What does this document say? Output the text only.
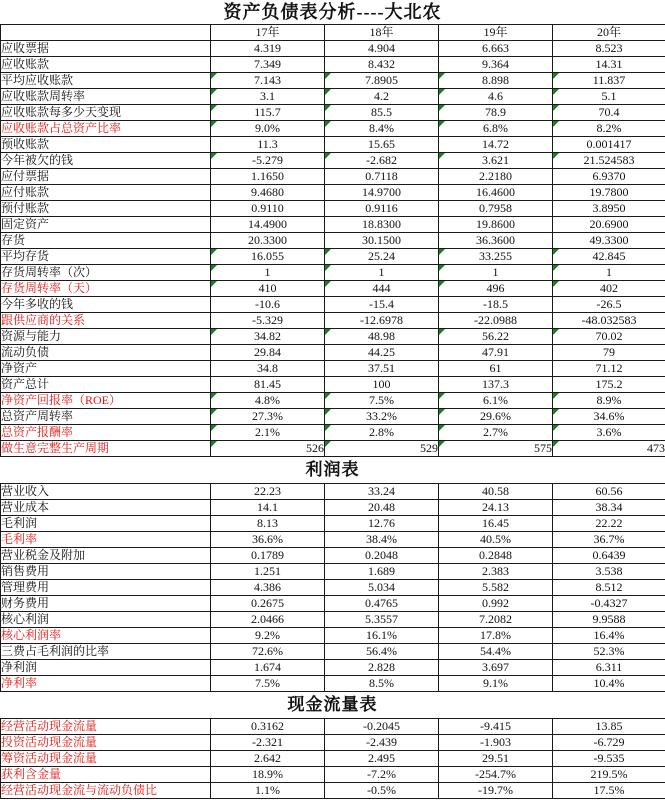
资产负债表分析----大北农
	17年	18年	19年	20年
应收票据	4.319	4.904	6.663	8.523
应收账款	7.349	8.432	9.364	14.31
平均应收账款	7.143	7.8905	8.898	11.837
应收账款周转率	3.1	4.2	4.6	5.1
应收账款每多少天变现	115.7	85.5	78.9	70.4
应收账款占总资产比率	9.0%	8.4%	6.8%	8.2%
预收账款	11.3	15.65	14.72	0.001417
今年被欠的钱	-5.279	-2.682	3.621	21.524583
应付票据	1.1650	0.7118	2.2180	6.9370
应付账款	9.4680	14.9700	16.4600	19.7800
预付账款	0.9110	0.9116	0.7958	3.8950
固定资产	14.4900	18.8300	19.8600	20.6900
存货	20.3300	30.1500	36.3600	49.3300
平均存货	16.055	25.24	33.255	42.845
存货周转率（次）	1	1	1	1
存货周转率（天）	410	444	496	402
今年多收的钱	-10.6	-15.4	-18.5	-26.5
跟供应商的关系	-5.329	-12.6978	-22.0988	-48.032583
资源与能力	34.82	48.98	56.22	70.02
流动负债	29.84	44.25	47.91	79
净资产	34.8	37.51	61	71.12
资产总计	81.45	100	137.3	175.2
净资产回报率（ROE）	4.8%	7.5%	6.1%	8.9%
总资产周转率	27.3%	33.2%	29.6%	34.6%
总资产报酬率	2.1%	2.8%	2.7%	3.6%
做生意完整生产周期	526	529	575	473
利润表
营业收入	22.23	33.24	40.58	60.56
营业成本	14.1	20.48	24.13	38.34
毛利润	8.13	12.76	16.45	22.22
毛利率	36.6%	38.4%	40.5%	36.7%
营业税金及附加	0.1789	0.2048	0.2848	0.6439
销售费用	1.251	1.689	2.383	3.538
管理费用	4.386	5.034	5.582	8.512
财务费用	0.2675	0.4765	0.992	-0.4327
核心利润	2.0466	5.3557	7.2082	9.9588
核心利润率	9.2%	16.1%	17.8%	16.4%
三费占毛利润的比率	72.6%	56.4%	54.4%	52.3%
净利润	1.674	2.828	3.697	6.311
净利率	7.5%	8.5%	9.1%	10.4%
现金流量表
经营活动现金流量	0.3162	-0.2045	-9.415	13.85
投资活动现金流量	-2.321	-2.439	-1.903	-6.729
筹资活动现金流量	2.642	2.495	29.51	-9.535
获利含金量	18.9%	-7.2%	-254.7%	219.5%
经营活动现金流与流动负债比	1.1%	-0.5%	-19.7%	17.5%
